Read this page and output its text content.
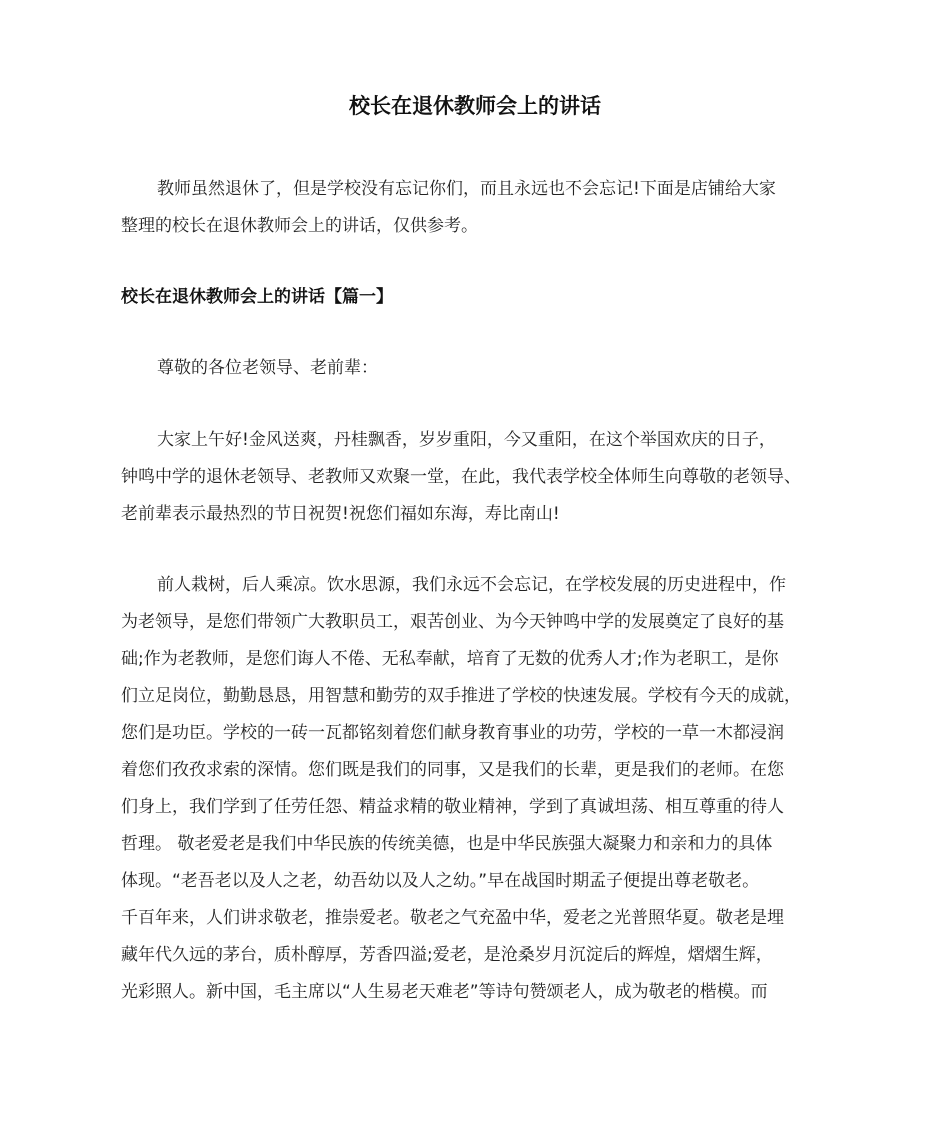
校长在退休教师会上的讲话

教师虽然退休了，但是学校没有忘记你们，而且永远也不会忘记!下面是店铺给大家

整理的校长在退休教师会上的讲话，仅供参考。

校长在退休教师会上的讲话【篇一】

尊敬的各位老领导、老前辈：

大家上午好!金风送爽，丹桂飘香，岁岁重阳，今又重阳，在这个举国欢庆的日子，

钟鸣中学的退休老领导、老教师又欢聚一堂，在此，我代表学校全体师生向尊敬的老领导、

老前辈表示最热烈的节日祝贺!祝您们福如东海，寿比南山!

前人栽树，后人乘凉。饮水思源，我们永远不会忘记，在学校发展的历史进程中，作

为老领导，是您们带领广大教职员工，艰苦创业、为今天钟鸣中学的发展奠定了良好的基

础;作为老教师，是您们诲人不倦、无私奉献，培育了无数的优秀人才;作为老职工，是你

们立足岗位，勤勤恳恳，用智慧和勤劳的双手推进了学校的快速发展。学校有今天的成就，

您们是功臣。学校的一砖一瓦都铭刻着您们献身教育事业的功劳，学校的一草一木都浸润

着您们孜孜求索的深情。您们既是我们的同事，又是我们的长辈，更是我们的老师。在您

们身上，我们学到了任劳任怨、精益求精的敬业精神，学到了真诚坦荡、相互尊重的待人

哲理。 敬老爱老是我们中华民族的传统美德，也是中华民族强大凝聚力和亲和力的具体

体现。“老吾老以及人之老，幼吾幼以及人之幼。”早在战国时期孟子便提出尊老敬老。

千百年来，人们讲求敬老，推崇爱老。敬老之气充盈中华，爱老之光普照华夏。敬老是埋

藏年代久远的茅台，质朴醇厚，芳香四溢;爱老，是沧桑岁月沉淀后的辉煌，熠熠生辉，

光彩照人。新中国，毛主席以“人生易老天难老”等诗句赞颂老人，成为敬老的楷模。而
